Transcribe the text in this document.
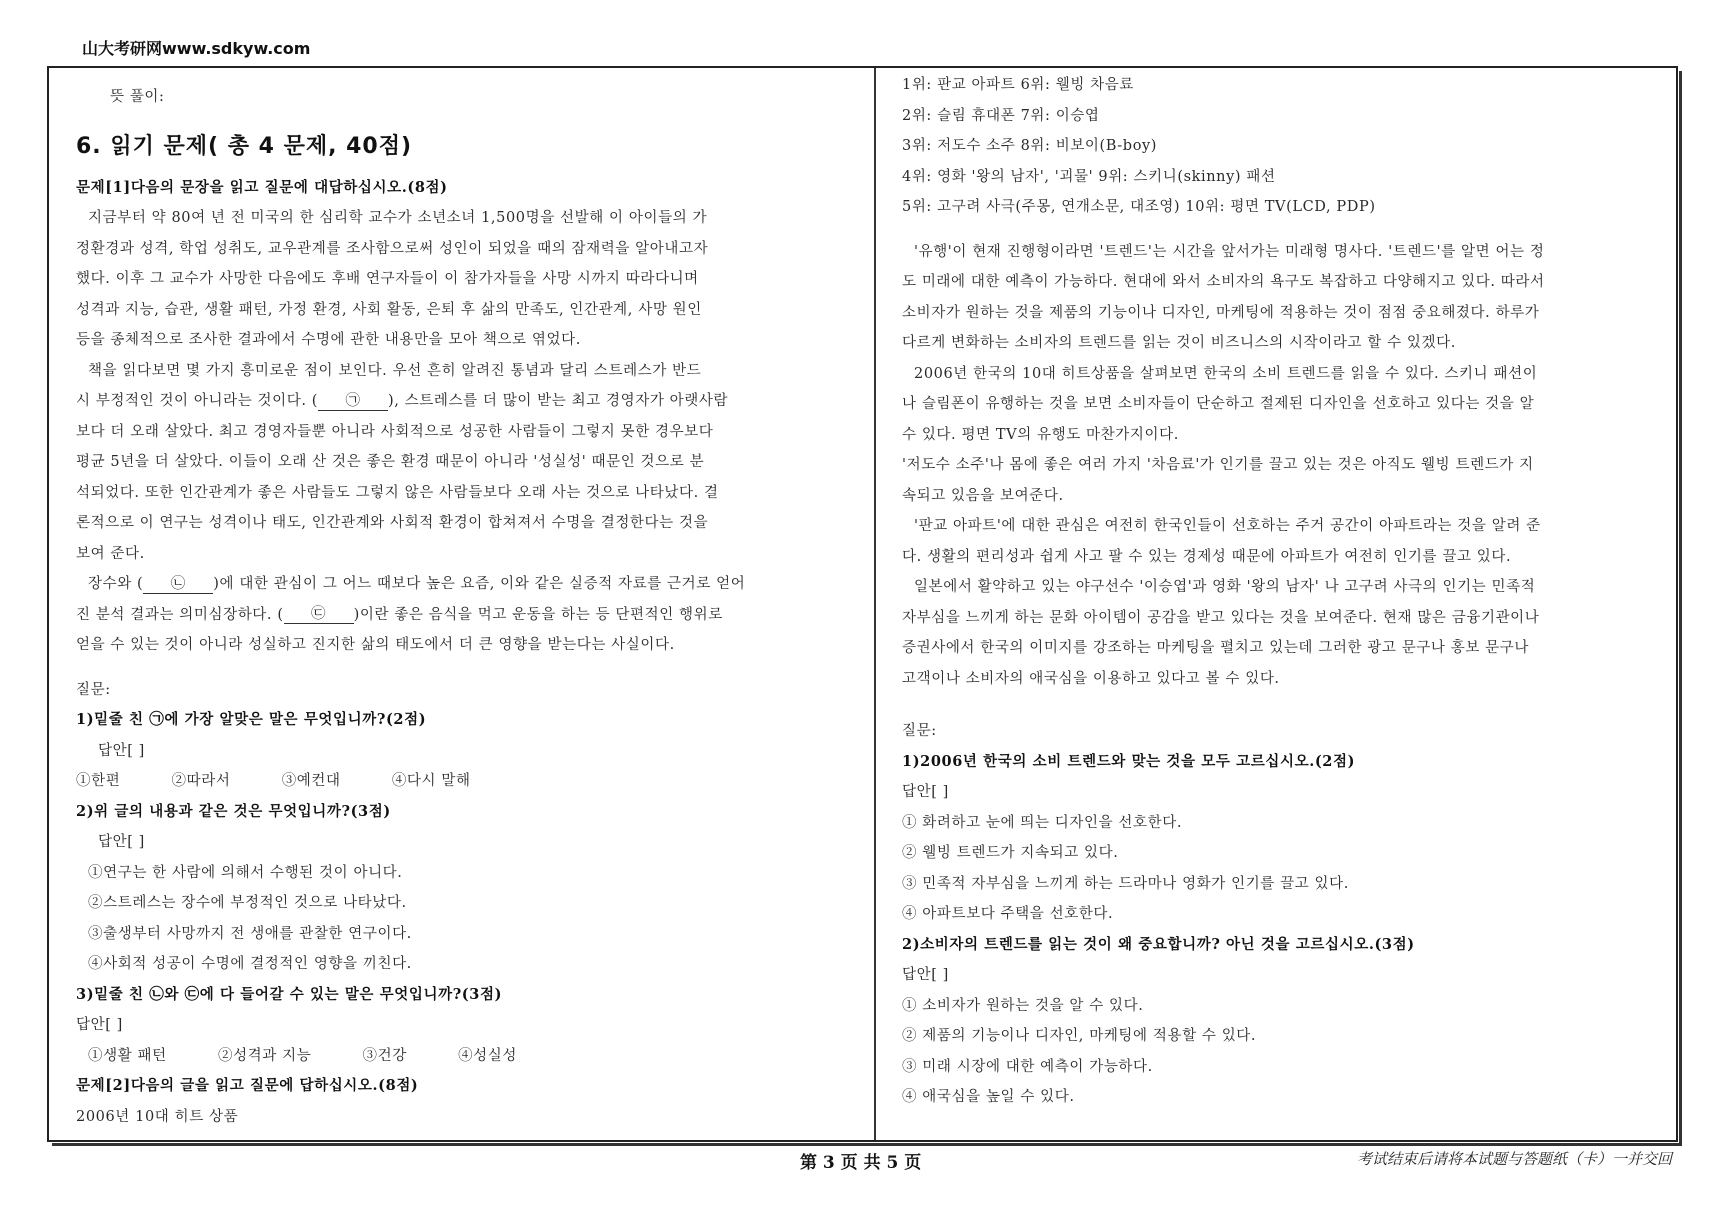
山大考研网www.sdkyw.com
뜻 풀이:
6. 읽기 문제( 총 4 문제, 40점)
문제[1]다음의 문장을 읽고 질문에 대답하십시오.(8점)
지금부터 약 80여 년 전 미국의 한 심리학 교수가 소년소녀 1,500명을 선발해 이 아이들의 가
정환경과 성격, 학업 성취도, 교우관계를 조사함으로써 성인이 되었을 때의 잠재력을 알아내고자
했다. 이후 그 교수가 사망한 다음에도 후배 연구자들이 이 참가자들을 사망 시까지 따라다니며
성격과 지능, 습관, 생활 패턴, 가정 환경, 사회 활동, 은퇴 후 삶의 만족도, 인간관계, 사망 원인
등을 종체적으로 조사한 결과에서 수명에 관한 내용만을 모아 책으로 엮었다.
책을 읽다보면 몇 가지 흥미로운 점이 보인다. 우선 흔히 알려진 통념과 달리 스트레스가 반드
시 부정적인 것이 아니라는 것이다. ( ㉠ ), 스트레스를 더 많이 받는 최고 경영자가 아랫사람
보다 더 오래 살았다. 최고 경영자들뿐 아니라 사회적으로 성공한 사람들이 그렇지 못한 경우보다
평균 5년을 더 살았다. 이들이 오래 산 것은 좋은 환경 때문이 아니라 '성실성' 때문인 것으로 분
석되었다. 또한 인간관계가 좋은 사람들도 그렇지 않은 사람들보다 오래 사는 것으로 나타났다. 결
론적으로 이 연구는 성격이나 태도, 인간관계와 사회적 환경이 합쳐져서 수명을 결정한다는 것을
보여 준다.
장수와 ( ㉡ )에 대한 관심이 그 어느 때보다 높은 요즘, 이와 같은 실증적 자료를 근거로 얻어
진 분석 결과는 의미심장하다. ( ㉢ )이란 좋은 음식을 먹고 운동을 하는 등 단편적인 행위로
얻을 수 있는 것이 아니라 성실하고 진지한 삶의 태도에서 더 큰 영향을 받는다는 사실이다.
질문:
1)밑줄 친 ㉠에 가장 알맞은 말은 무엇입니까?(2점)
답안[ ]
①한편	②따라서	③예컨대	④다시 말해
2)위 글의 내용과 같은 것은 무엇입니까?(3점)
답안[ ]
①연구는 한 사람에 의해서 수행된 것이 아니다.
②스트레스는 장수에 부정적인 것으로 나타났다.
③출생부터 사망까지 전 생애를 관찰한 연구이다.
④사회적 성공이 수명에 결정적인 영향을 끼친다.
3)밑줄 친 ㉡와 ㉢에 다 들어갈 수 있는 말은 무엇입니까?(3점)
답안[ ]
①생활 패턴	②성격과 지능	③건강	④성실성
문제[2]다음의 글을 읽고 질문에 답하십시오.(8점)
2006년 10대 히트 상품
1위: 판교 아파트 6위: 웰빙 차음료
2위: 슬림 휴대폰 7위: 이승엽
3위: 저도수 소주 8위: 비보이(B-boy)
4위: 영화 '왕의 남자', '괴물' 9위: 스키니(skinny) 패션
5위: 고구려 사극(주몽, 연개소문, 대조영) 10위: 평면 TV(LCD, PDP)
'유행'이 현재 진행형이라면 '트렌드'는 시간을 앞서가는 미래형 명사다. '트렌드'를 알면 어는 정
도 미래에 대한 예측이 가능하다. 현대에 와서 소비자의 욕구도 복잡하고 다양해지고 있다. 따라서
소비자가 원하는 것을 제품의 기능이나 디자인, 마케팅에 적용하는 것이 점점 중요해졌다. 하루가
다르게 변화하는 소비자의 트렌드를 읽는 것이 비즈니스의 시작이라고 할 수 있겠다.
2006년 한국의 10대 히트상품을 살펴보면 한국의 소비 트렌드를 읽을 수 있다. 스키니 패션이
나 슬림폰이 유행하는 것을 보면 소비자들이 단순하고 절제된 디자인을 선호하고 있다는 것을 알
수 있다. 평면 TV의 유행도 마찬가지이다.
'저도수 소주'나 몸에 좋은 여러 가지 '차음료'가 인기를 끌고 있는 것은 아직도 웰빙 트렌드가 지
속되고 있음을 보여준다.
'판교 아파트'에 대한 관심은 여전히 한국인들이 선호하는 주거 공간이 아파트라는 것을 알려 준
다. 생활의 편리성과 쉽게 사고 팔 수 있는 경제성 때문에 아파트가 여전히 인기를 끌고 있다.
일본에서 활약하고 있는 야구선수 '이승엽'과 영화 '왕의 남자' 나 고구려 사극의 인기는 민족적
자부심을 느끼게 하는 문화 아이템이 공감을 받고 있다는 것을 보여준다. 현재 많은 금융기관이나
증권사에서 한국의 이미지를 강조하는 마케팅을 펼치고 있는데 그러한 광고 문구나 홍보 문구나
고객이나 소비자의 애국심을 이용하고 있다고 볼 수 있다.
질문:
1)2006년 한국의 소비 트렌드와 맞는 것을 모두 고르십시오.(2점)
답안[ ]
① 화려하고 눈에 띄는 디자인을 선호한다.
② 웰빙 트렌드가 지속되고 있다.
③ 민족적 자부심을 느끼게 하는 드라마나 영화가 인기를 끌고 있다.
④ 아파트보다 주택을 선호한다.
2)소비자의 트렌드를 읽는 것이 왜 중요합니까? 아닌 것을 고르십시오.(3점)
답안[ ]
① 소비자가 원하는 것을 알 수 있다.
② 제품의 기능이나 디자인, 마케팅에 적용할 수 있다.
③ 미래 시장에 대한 예측이 가능하다.
④ 애국심을 높일 수 있다.
第 3 页 共 5 页	考试结束后请将本试题与答题纸（卡）一并交回
